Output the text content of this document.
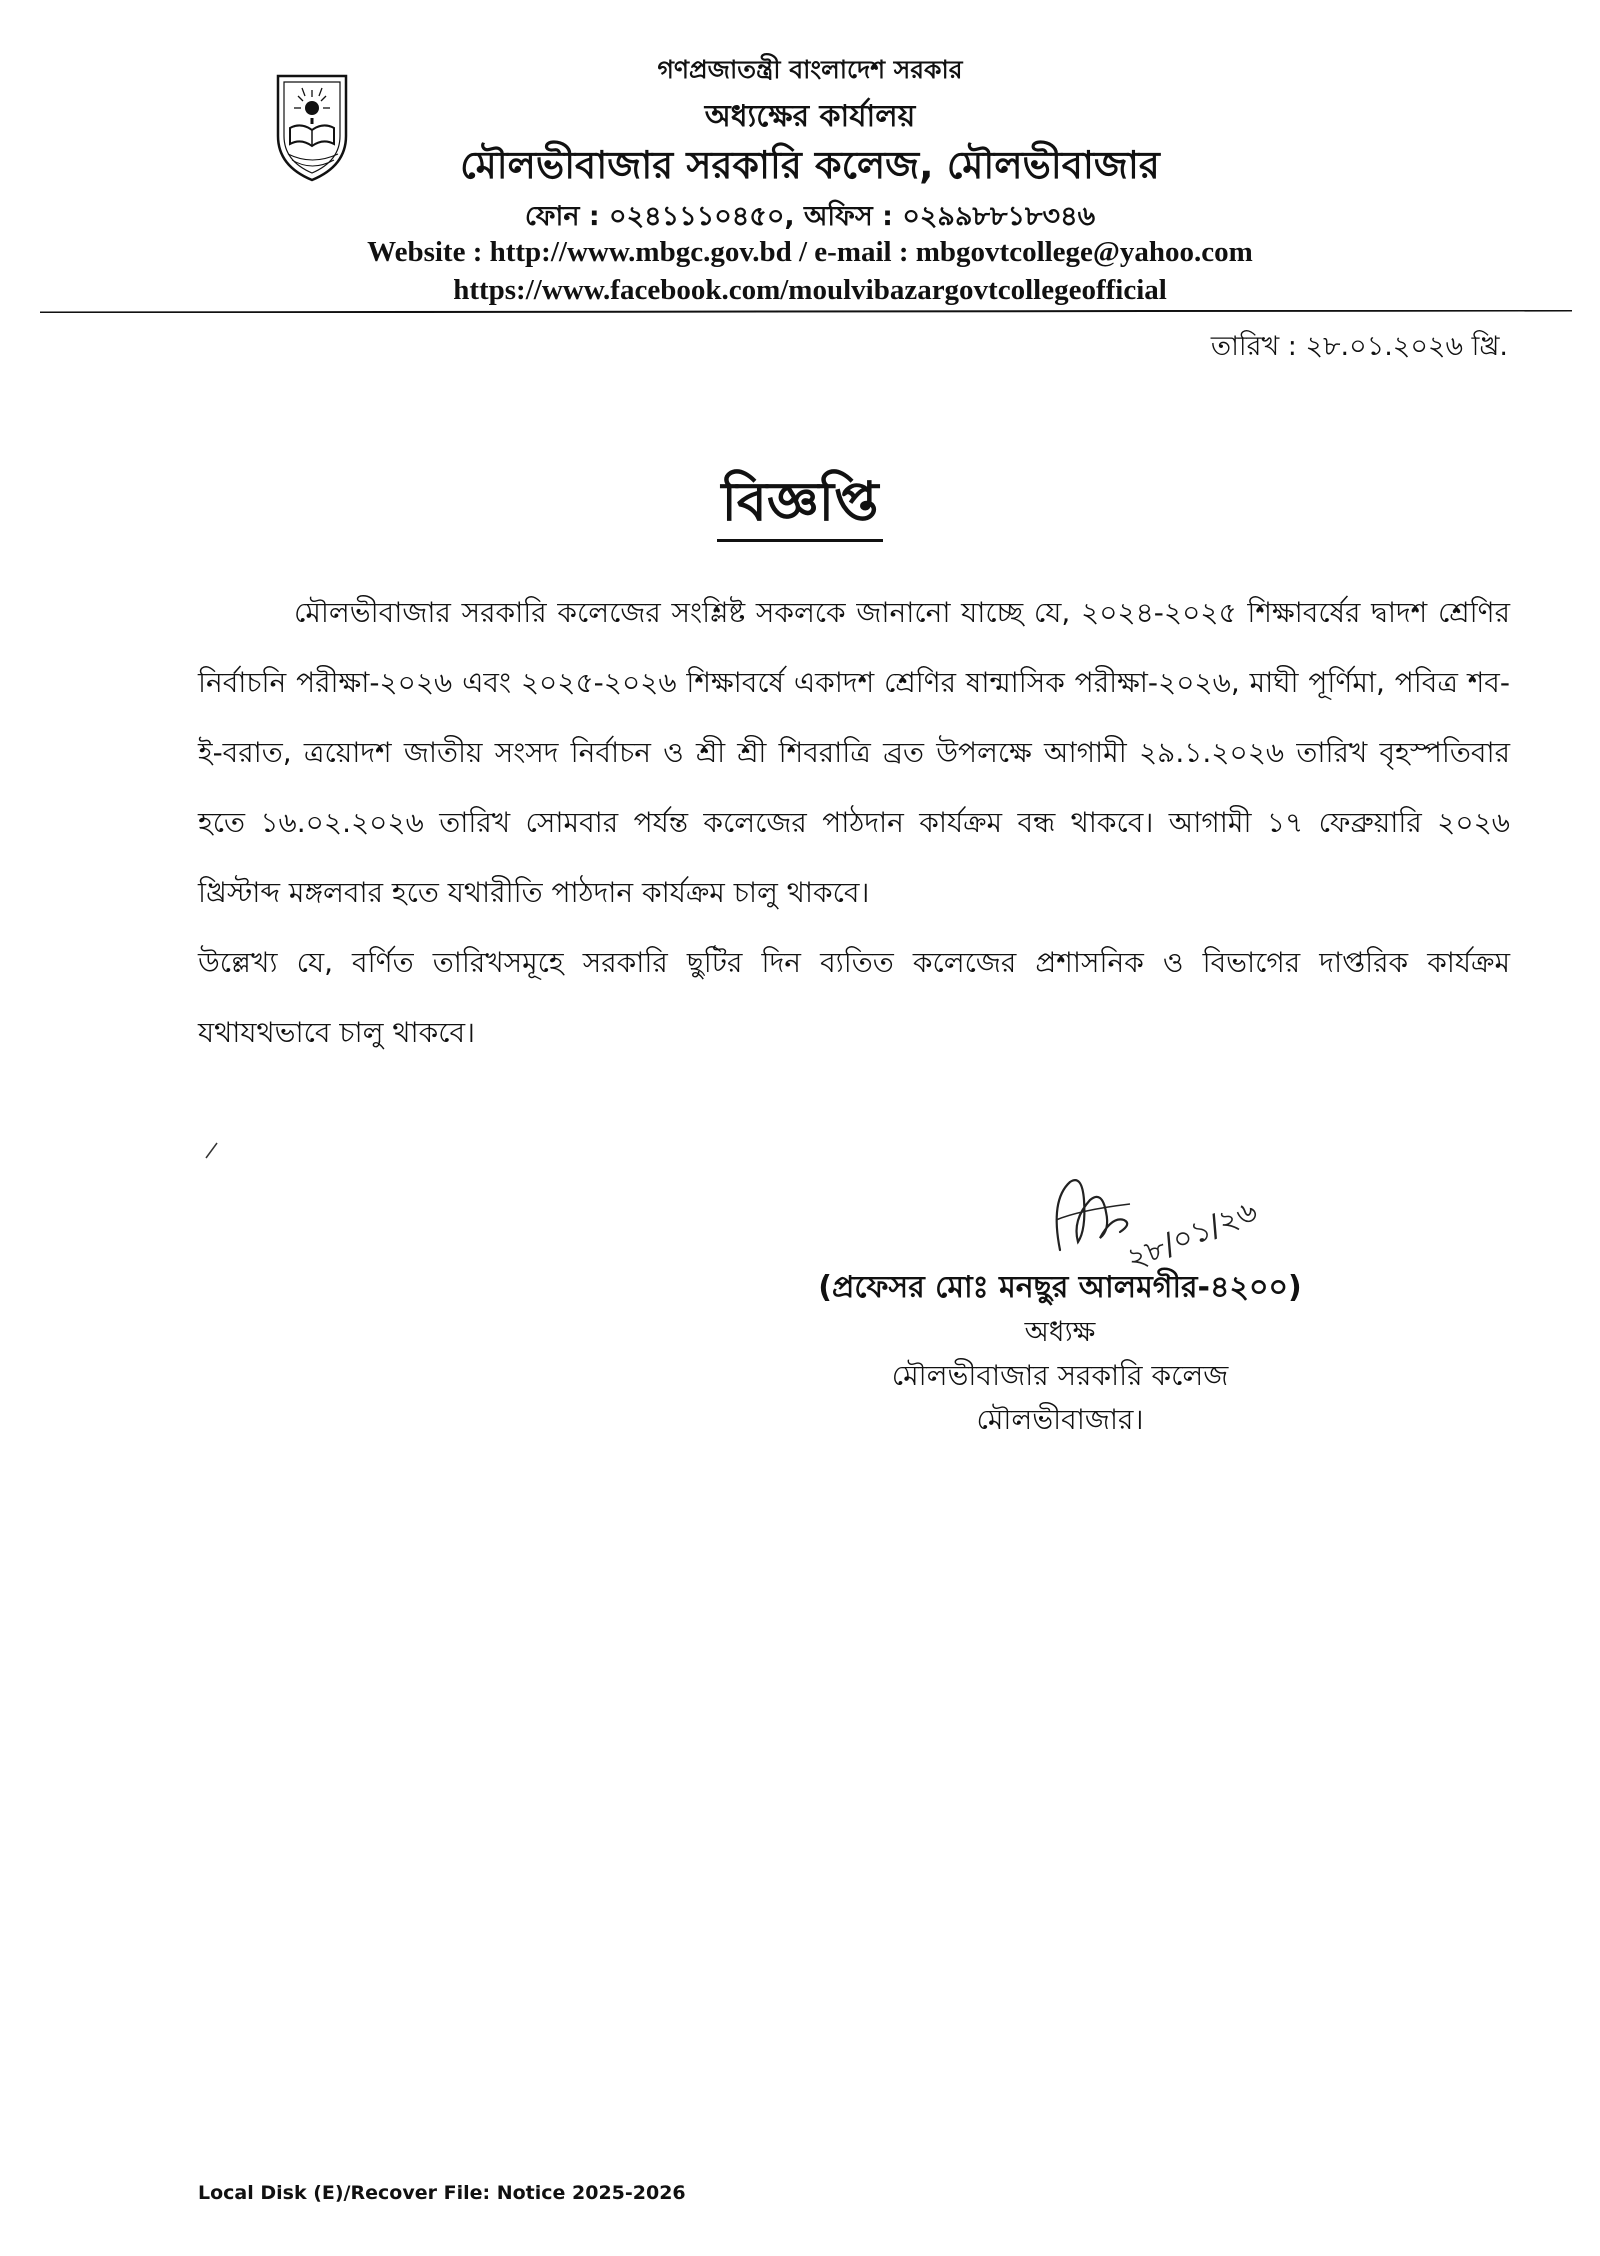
গণপ্রজাতন্ত্রী বাংলাদেশ সরকার
অধ্যক্ষের কার্যালয়
মৌলভীবাজার সরকারি কলেজ, মৌলভীবাজার
ফোন : ০২৪১১১০৪৫০, অফিস : ০২৯৯৮৮১৮৩৪৬
Website : http://www.mbgc.gov.bd / e-mail : mbgovtcollege@yahoo.com
https://www.facebook.com/moulvibazargovtcollegeofficial
তারিখ : ২৮.০১.২০২৬ খ্রি.
বিজ্ঞপ্তি

মৌলভীবাজার সরকারি কলেজের সংশ্লিষ্ট সকলকে জানানো যাচ্ছে যে, ২০২৪-২০২৫ শিক্ষাবর্ষের দ্বাদশ শ্রেণির নির্বাচনি পরীক্ষা-২০২৬ এবং ২০২৫-২০২৬ শিক্ষাবর্ষে একাদশ শ্রেণির ষান্মাসিক পরীক্ষা-২০২৬, মাঘী পূর্ণিমা, পবিত্র শব-ই-বরাত, ত্রয়োদশ জাতীয় সংসদ নির্বাচন ও শ্রী শ্রী শিবরাত্রি ব্রত উপলক্ষে আগামী ২৯.১.২০২৬ তারিখ বৃহস্পতিবার হতে ১৬.০২.২০২৬ তারিখ সোমবার পর্যন্ত কলেজের পাঠদান কার্যক্রম বন্ধ থাকবে। আগামী ১৭ ফেব্রুয়ারি ২০২৬ খ্রিস্টাব্দ মঙ্গলবার হতে যথারীতি পাঠদান কার্যক্রম চালু থাকবে।

উল্লেখ্য যে, বর্ণিত তারিখসমূহে সরকারি ছুটির দিন ব্যতিত কলেজের প্রশাসনিক ও বিভাগের দাপ্তরিক কার্যক্রম যথাযথভাবে চালু থাকবে।

২৮/০১/২৬
(প্রফেসর মোঃ মনছুর আলমগীর-৪২০০)
অধ্যক্ষ
মৌলভীবাজার সরকারি কলেজ
মৌলভীবাজার।
Local Disk (E)/Recover File: Notice 2025-2026
